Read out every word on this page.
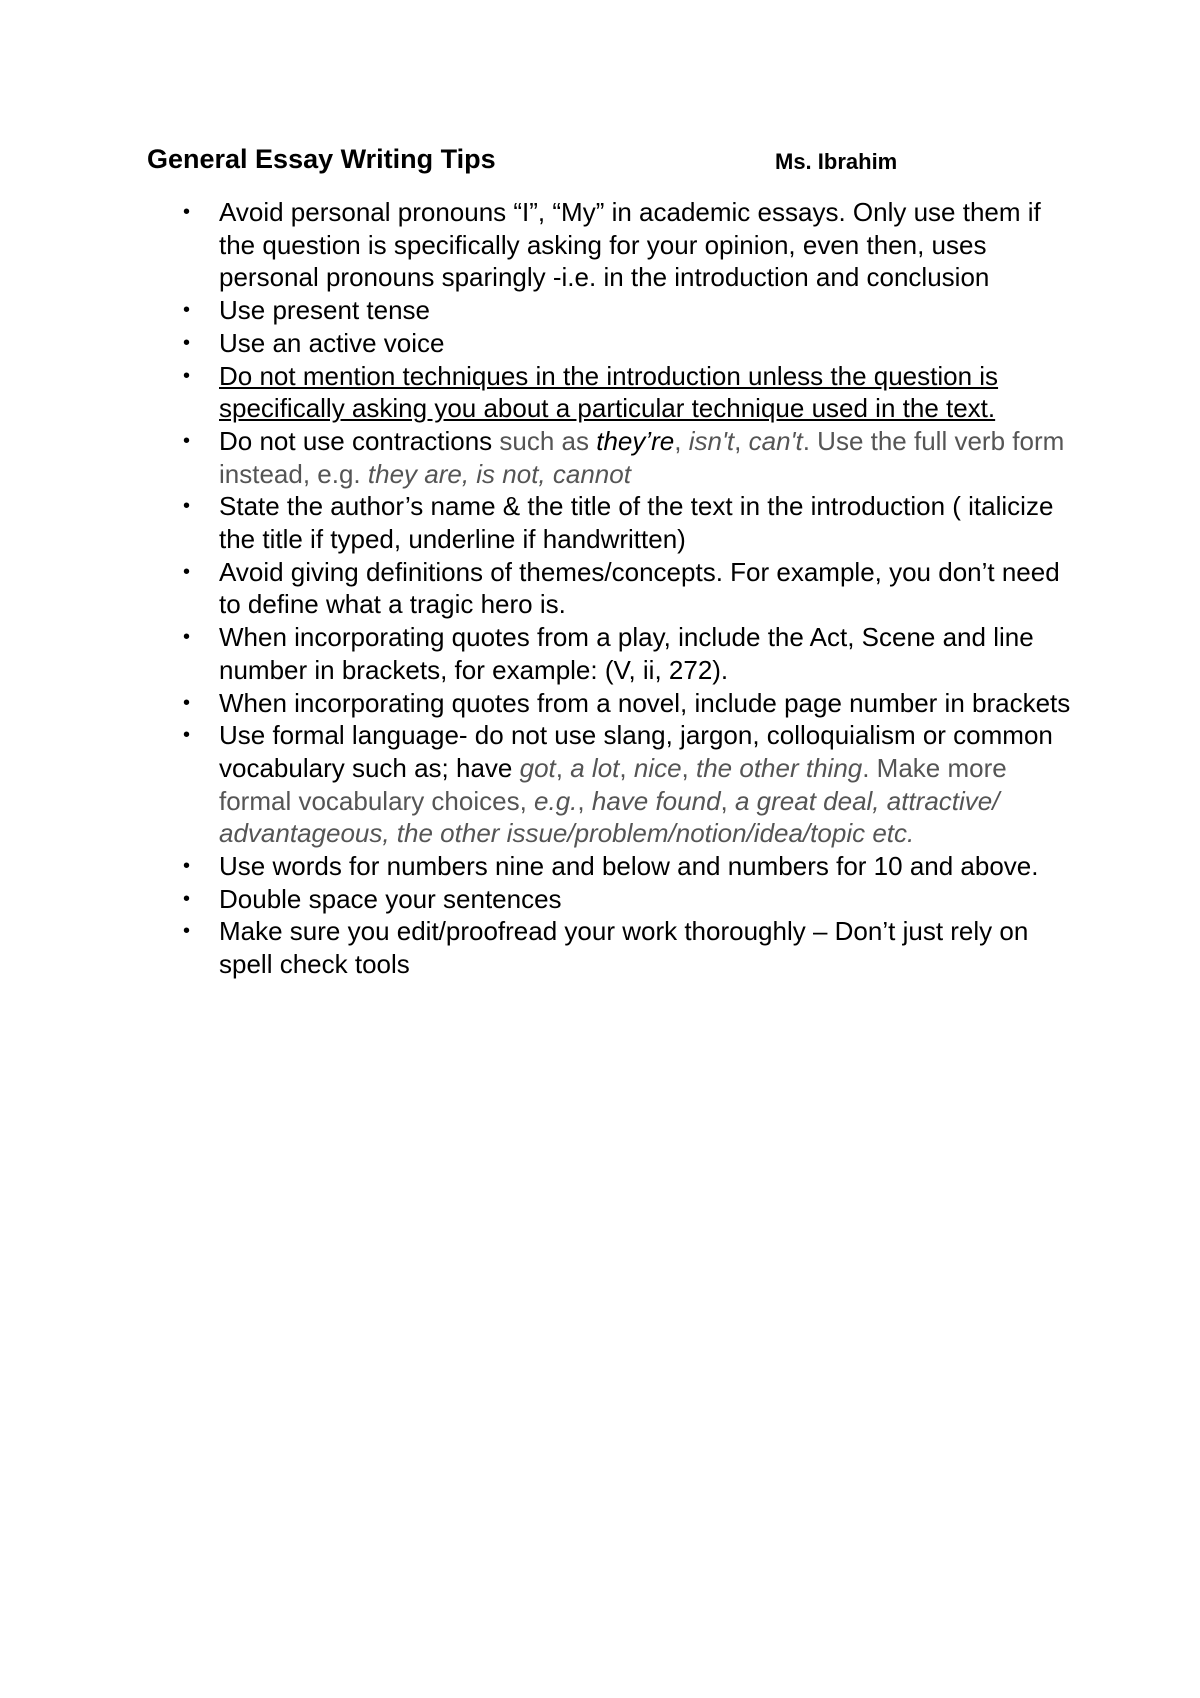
General Essay Writing Tips	Ms. Ibrahim
• Avoid personal pronouns “I”, “My” in academic essays. Only use them if the question is specifically asking for your opinion, even then, uses personal pronouns sparingly -i.e. in the introduction and conclusion
• Use present tense
• Use an active voice
• Do not mention techniques in the introduction unless the question is specifically asking you about a particular technique used in the text.
• Do not use contractions such as they’re, isn't, can't. Use the full verb form instead, e.g. they are, is not, cannot
• State the author’s name & the title of the text in the introduction ( italicize the title if typed, underline if handwritten)
• Avoid giving definitions of themes/concepts. For example, you don’t need to define what a tragic hero is.
• When incorporating quotes from a play, include the Act, Scene and line number in brackets, for example: (V, ii, 272).
• When incorporating quotes from a novel, include page number in brackets
• Use formal language- do not use slang, jargon, colloquialism or common vocabulary such as; have got, a lot, nice, the other thing. Make more formal vocabulary choices, e.g., have found, a great deal, attractive/ advantageous, the other issue/problem/notion/idea/topic etc.
• Use words for numbers nine and below and numbers for 10 and above.
• Double space your sentences
• Make sure you edit/proofread your work thoroughly – Don’t just rely on spell check tools
